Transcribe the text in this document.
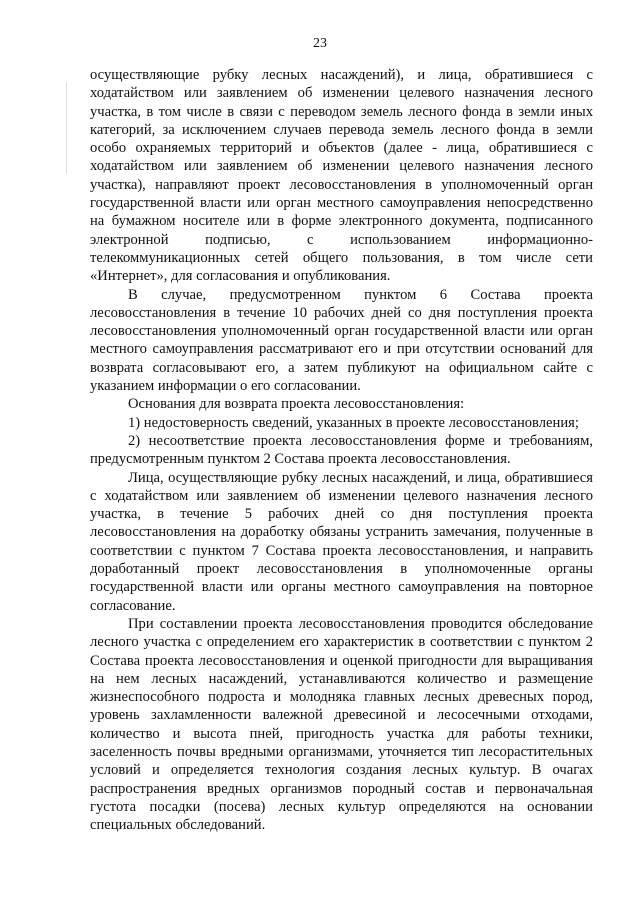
23

осуществляющие рубку лесных насаждений), и лица, обратившиеся с ходатайством или заявлением об изменении целевого назначения лесного участка, в том числе в связи с переводом земель лесного фонда в земли иных категорий, за исключением случаев перевода земель лесного фонда в земли особо охраняемых территорий и объектов (далее - лица, обратившиеся с ходатайством или заявлением об изменении целевого назначения лесного участка), направляют проект лесовосстановления в уполномоченный орган государственной власти или орган местного самоуправления непосредственно на бумажном носителе или в форме электронного документа, подписанного электронной подписью, с использованием информационно-телекоммуникационных сетей общего пользования, в том числе сети «Интернет», для согласования и опубликования.

В случае, предусмотренном пунктом 6 Состава проекта лесовосстановления в течение 10 рабочих дней со дня поступления проекта лесовосстановления уполномоченный орган государственной власти или орган местного самоуправления рассматривают его и при отсутствии оснований для возврата согласовывают его, а затем публикуют на официальном сайте с указанием информации о его согласовании.

Основания для возврата проекта лесовосстановления:

1) недостоверность сведений, указанных в проекте лесовосстановления;

2) несоответствие проекта лесовосстановления форме и требованиям, предусмотренным пунктом 2 Состава проекта лесовосстановления.

Лица, осуществляющие рубку лесных насаждений, и лица, обратившиеся с ходатайством или заявлением об изменении целевого назначения лесного участка, в течение 5 рабочих дней со дня поступления проекта лесовосстановления на доработку обязаны устранить замечания, полученные в соответствии с пунктом 7 Состава проекта лесовосстановления, и направить доработанный проект лесовосстановления в уполномоченные органы государственной власти или органы местного самоуправления на повторное согласование.

При составлении проекта лесовосстановления проводится обследование лесного участка с определением его характеристик в соответствии с пунктом 2 Состава проекта лесовосстановления и оценкой пригодности для выращивания на нем лесных насаждений, устанавливаются количество и размещение жизнеспособного подроста и молодняка главных лесных древесных пород, уровень захламленности валежной древесиной и лесосечными отходами, количество и высота пней, пригодность участка для работы техники, заселенность почвы вредными организмами, уточняется тип лесорастительных условий и определяется технология создания лесных культур. В очагах распространения вредных организмов породный состав и первоначальная густота посадки (посева) лесных культур определяются на основании специальных обследований.
